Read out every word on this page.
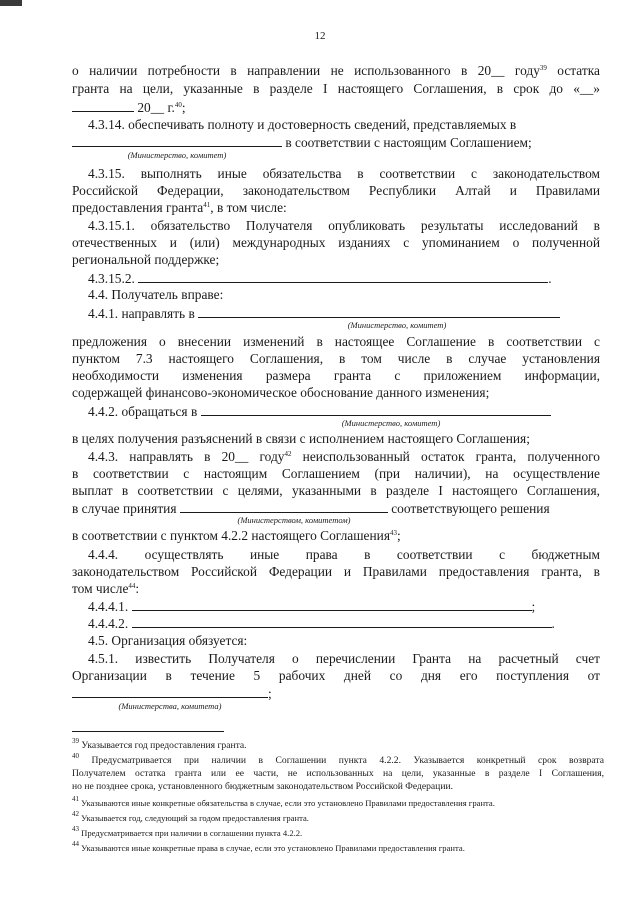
12
о наличии потребности в направлении не использованного в 20__ году$^{39}$ остатка
гранта на цели, указанные в разделе I настоящего Соглашения, в срок до «__»
20__ г.$^{40}$;
4.3.14. обеспечивать полноту и достоверность сведений, представляемых в
в соответствии с настоящим Соглашением;
(Министерство, комитет)
4.3.15. выполнять иные обязательства в соответствии с законодательством
Российской Федерации, законодательством Республики Алтай и Правилами
предоставления гранта$^{41}$, в том числе:
4.3.15.1. обязательство Получателя опубликовать результаты исследований в
отечественных и (или) международных изданиях с упоминанием о полученной
региональной поддержке;
4.3.15.2.	.
4.4. Получатель вправе:
4.4.1. направлять в
(Министерство, комитет)
предложения о внесении изменений в настоящее Соглашение в соответствии с
пунктом 7.3 настоящего Соглашения, в том числе в случае установления
необходимости изменения размера гранта с приложением информации,
содержащей финансово-экономическое обоснование данного изменения;
4.4.2. обращаться в
(Министерство, комитет)
в целях получения разъяснений в связи с исполнением настоящего Соглашения;
4.4.3. направлять в 20__ году$^{42}$ неиспользованный остаток гранта, полученного
в соответствии с настоящим Соглашением (при наличии), на осуществление
выплат в соответствии с целями, указанными в разделе I настоящего Соглашения,
в случае принятия	соответствующего решения
(Министерством, комитетом)
в соответствии с пунктом 4.2.2 настоящего Соглашения$^{43}$;
4.4.4. осуществлять иные права в соответствии с бюджетным
законодательством Российской Федерации и Правилами предоставления гранта, в
том числе$^{44}$:
4.4.4.1.	;
4.4.4.2.	.
4.5. Организация обязуется:
4.5.1. известить Получателя о перечислении Гранта на расчетный счет
Организации в течение 5 рабочих дней со дня его поступления от
;
(Министерства, комитета)
$^{39}$ Указывается год предоставления гранта.
$^{40}$ Предусматривается при наличии в Соглашении пункта 4.2.2. Указывается конкретный срок возврата
Получателем остатка гранта или ее части, не использованных на цели, указанные в разделе I Соглашения,
но не позднее срока, установленного бюджетным законодательством Российской Федерации.
$^{41}$ Указываются иные конкретные обязательства в случае, если это установлено Правилами предоставления гранта.
$^{42}$ Указывается год, следующий за годом предоставления гранта.
$^{43}$ Предусматривается при наличии в соглашении пункта 4.2.2.
$^{44}$ Указываются иные конкретные права в случае, если это установлено Правилами предоставления гранта.
